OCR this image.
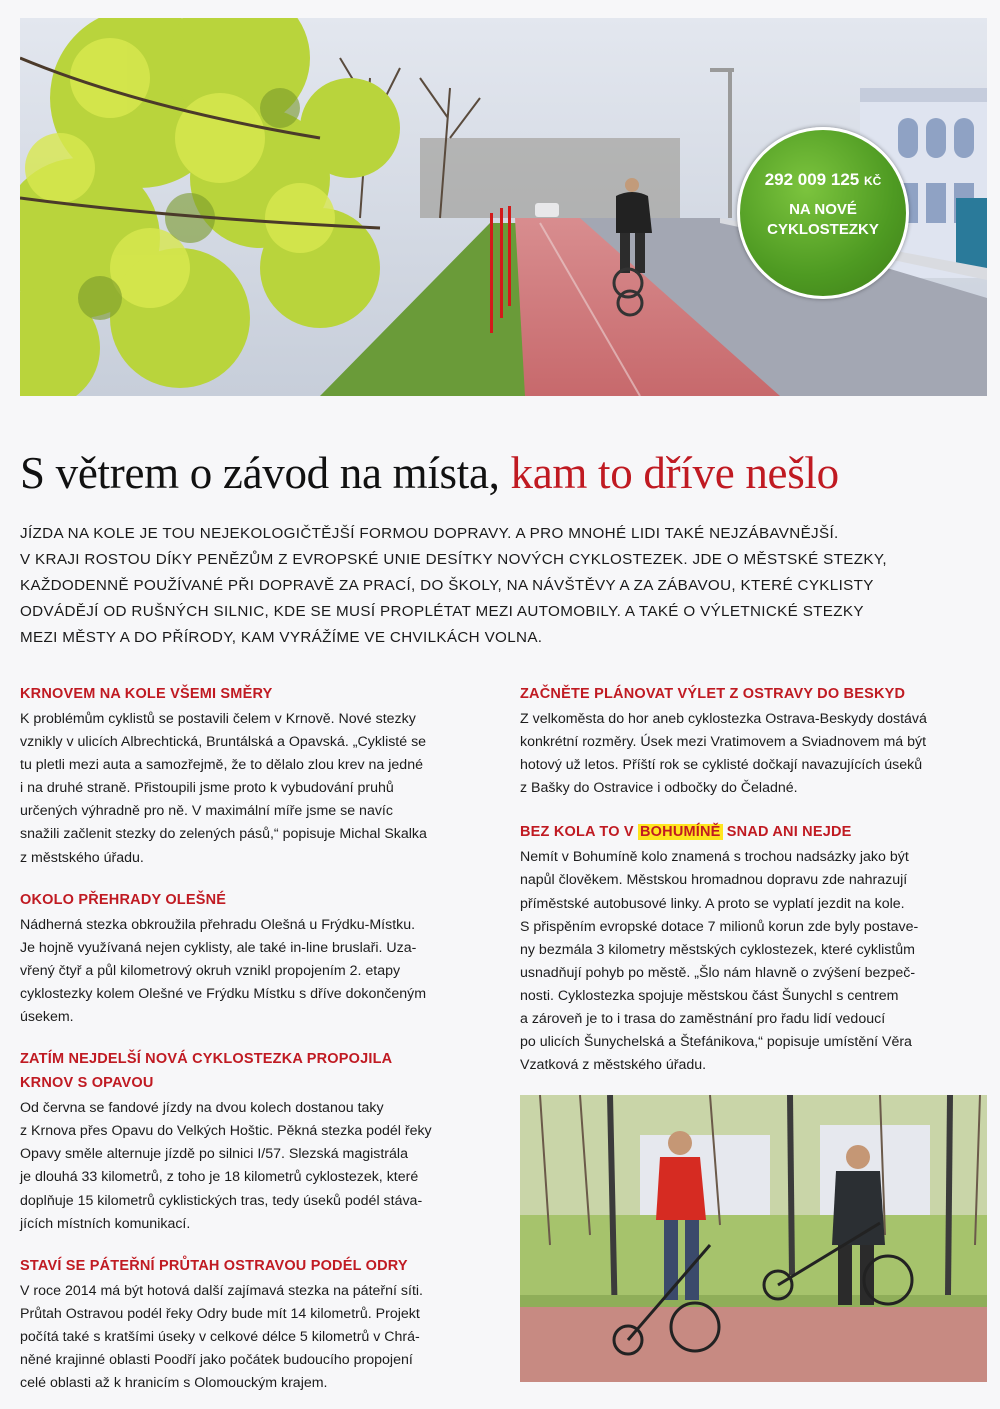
292 009 125 KČ
NA NOVÉ
CYKLOSTEZKY
S větrem o závod na místa, kam to dříve nešlo
JÍZDA NA KOLE JE TOU NEJEKOLOGIČTĚJŠÍ FORMOU DOPRAVY. A PRO MNOHÉ LIDI TAKÉ NEJZÁBAVNĚJŠÍ.
V KRAJI ROSTOU DÍKY PENĚZŮM Z EVROPSKÉ UNIE DESÍTKY NOVÝCH CYKLOSTEZEK. JDE O MĚSTSKÉ STEZKY,
KAŽDODENNĚ POUŽÍVANÉ PŘI DOPRAVĚ ZA PRACÍ, DO ŠKOLY, NA NÁVŠTĚVY A ZA ZÁBAVOU, KTERÉ CYKLISTY
ODVÁDĚJÍ OD RUŠNÝCH SILNIC, KDE SE MUSÍ PROPLÉTAT MEZI AUTOMOBILY. A TAKÉ O VÝLETNICKÉ STEZKY
MEZI MĚSTY A DO PŘÍRODY, KAM VYRÁŽÍME VE CHVILKÁCH VOLNA.
KRNOVEM NA KOLE VŠEMI SMĚRY
K problémům cyklistů se postavili čelem v Krnově. Nové stezky
vznikly v ulicích Albrechtická, Bruntálská a Opavská. „Cyklisté se
tu pletli mezi auta a samozřejmě, že to dělalo zlou krev na jedné
i na druhé straně. Přistoupili jsme proto k vybudování pruhů
určených výhradně pro ně. V maximální míře jsme se navíc
snažili začlenit stezky do zelených pásů,“ popisuje Michal Skalka
z městského úřadu.
OKOLO PŘEHRADY OLEŠNÉ
Nádherná stezka obkroužila přehradu Olešná u Frýdku-Místku.
Je hojně využívaná nejen cyklisty, ale také in-line bruslaři. Uza-
vřený čtyř a půl kilometrový okruh vznikl propojením 2. etapy
cyklostezky kolem Olešné ve Frýdku Místku s dříve dokončeným
úsekem.
ZATÍM NEJDELŠÍ NOVÁ CYKLOSTEZKA PROPOJILA
KRNOV S OPAVOU
Od června se fandové jízdy na dvou kolech dostanou taky
z Krnova přes Opavu do Velkých Hoštic. Pěkná stezka podél řeky
Opavy směle alternuje jízdě po silnici I/57. Slezská magistrála
je dlouhá 33 kilometrů, z toho je 18 kilometrů cyklostezek, které
doplňuje 15 kilometrů cyklistických tras, tedy úseků podél stáva-
jících místních komunikací.
STAVÍ SE PÁTEŘNÍ PRŮTAH OSTRAVOU PODÉL ODRY
V roce 2014 má být hotová další zajímavá stezka na páteřní síti.
Průtah Ostravou podél řeky Odry bude mít 14 kilometrů. Projekt
počítá také s kratšími úseky v celkové délce 5 kilometrů v Chrá-
něné krajinné oblasti Poodří jako počátek budoucího propojení
celé oblasti až k hranicím s Olomouckým krajem.
ZAČNĚTE PLÁNOVAT VÝLET Z OSTRAVY DO BESKYD
Z velkoměsta do hor aneb cyklostezka Ostrava-Beskydy dostává
konkrétní rozměry. Úsek mezi Vratimovem a Sviadnovem má být
hotový už letos. Příští rok se cyklisté dočkají navazujících úseků
z Bašky do Ostravice i odbočky do Čeladné.
BEZ KOLA TO V BOHUMÍNĚ SNAD ANI NEJDE
Nemít v Bohumíně kolo znamená s trochou nadsázky jako být
napůl člověkem. Městskou hromadnou dopravu zde nahrazují
příměstské autobusové linky. A proto se vyplatí jezdit na kole.
S přispěním evropské dotace 7 milionů korun zde byly postave-
ny bezmála 3 kilometry městských cyklostezek, které cyklistům
usnadňují pohyb po městě. „Šlo nám hlavně o zvýšení bezpeč-
nosti. Cyklostezka spojuje městskou část Šunychl s centrem
a zároveň je to i trasa do zaměstnání pro řadu lidí vedoucí
po ulicích Šunychelská a Štefánikova,“ popisuje umístění Věra
Vzatková z městského úřadu.
